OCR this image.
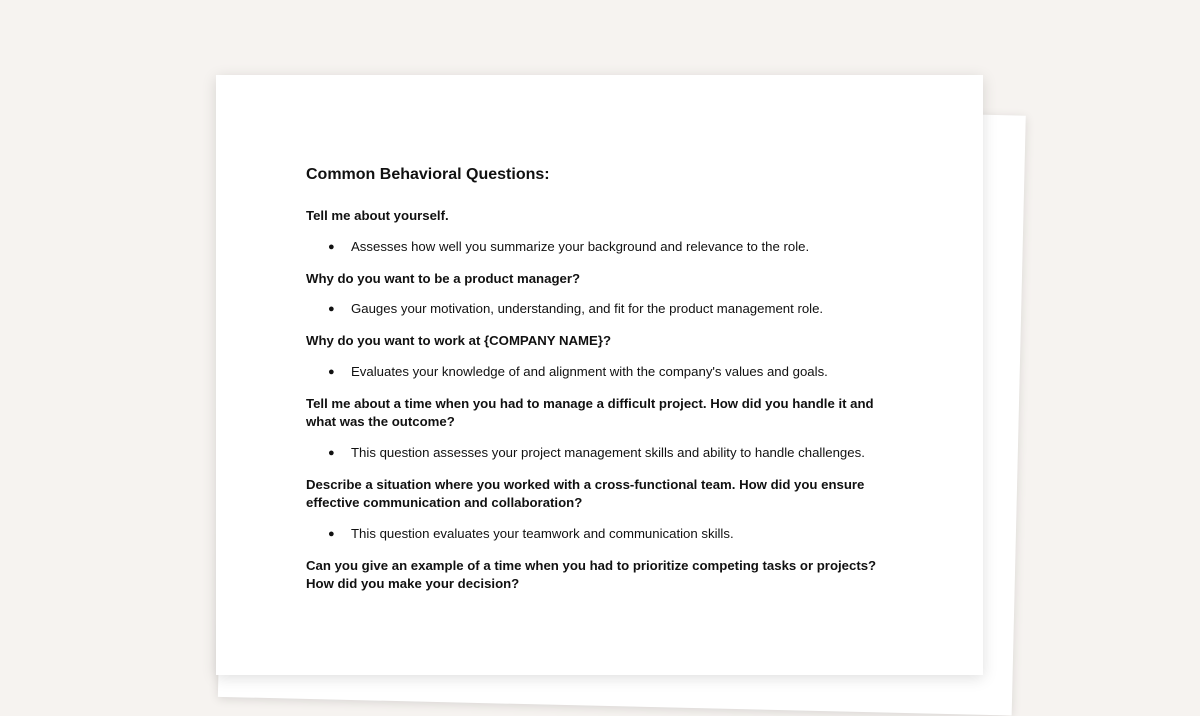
Common Behavioral Questions:
Tell me about yourself.
●	Assesses how well you summarize your background and relevance to the role.
Why do you want to be a product manager?
●	Gauges your motivation, understanding, and fit for the product management role.
Why do you want to work at {COMPANY NAME}?
●	Evaluates your knowledge of and alignment with the company's values and goals.
Tell me about a time when you had to manage a difficult project. How did you handle it and what was the outcome?
●	This question assesses your project management skills and ability to handle challenges.
Describe a situation where you worked with a cross-functional team. How did you ensure effective communication and collaboration?
●	This question evaluates your teamwork and communication skills.
Can you give an example of a time when you had to prioritize competing tasks or projects? How did you make your decision?
